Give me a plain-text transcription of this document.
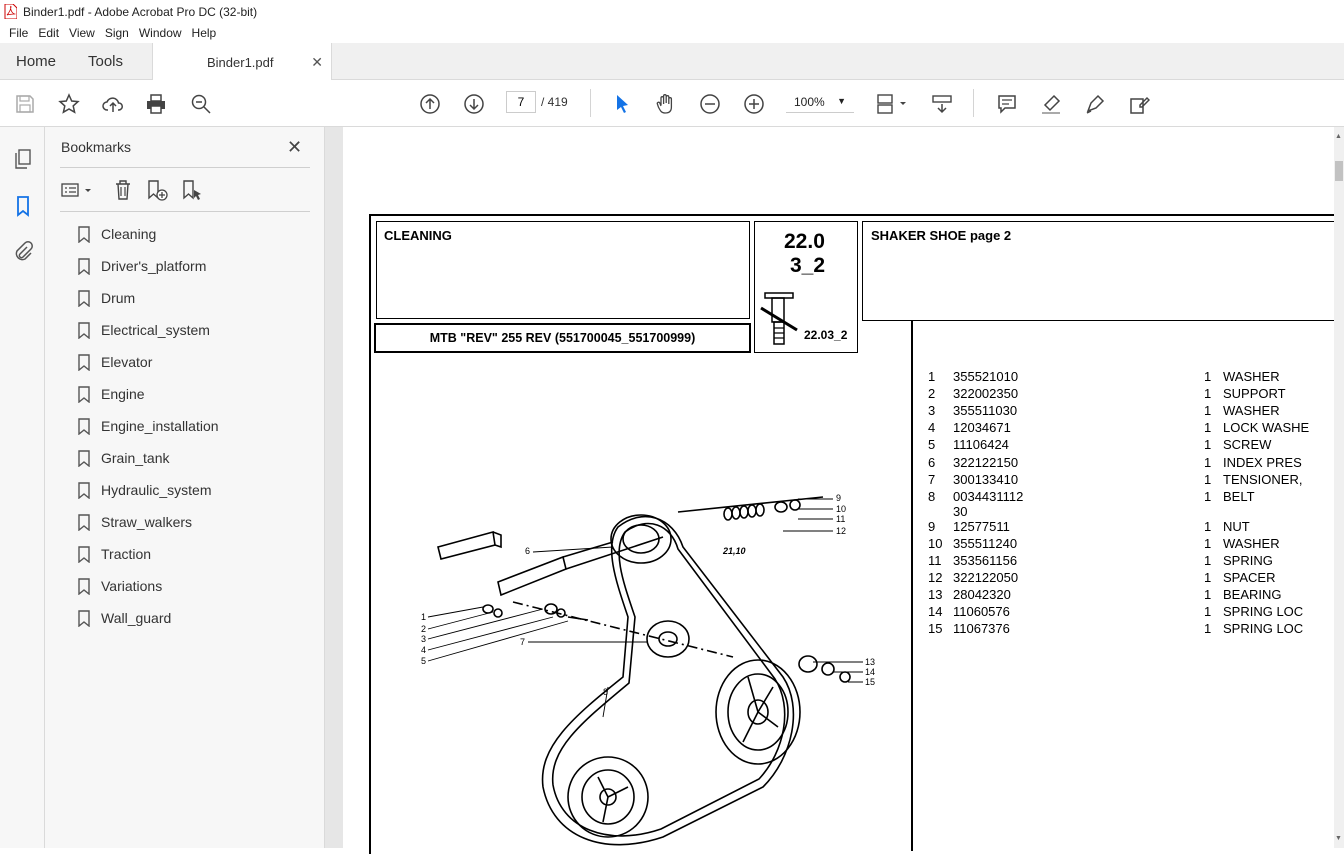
Binder1.pdf - Adobe Acrobat Pro DC (32-bit)
File Edit View Sign Window Help
Home Tools	Binder1.pdf	✕
7
/ 419	100% ▼
Bookmarks	✕
Cleaning
Driver's_platform
Drum
Electrical_system
Elevator
Engine
Engine_installation
Grain_tank
Hydraulic_system
Straw_walkers
Traction
Variations
Wall_guard
CLEANING
MTB "REV" 255 REV (551700045_551700999)
22.0
3_2
22.03_2
SHAKER SHOE page 2
1
2
3
4
5
6
7
8
9
10
11
12
13
14
15
21,10
1 355521010	1 WASHER
2 322002350	1 SUPPORT
3 355511030	1 WASHER
4 12034671	1 LOCK WASHE
5 11106424	1 SCREW
6 322122150	1 INDEX PRES
7 300133410	1 TENSIONER,
8 0034431112	1 BELT
30
9 12577511	1 NUT
10 355511240	1 WASHER
11 353561156	1 SPRING
12 322122050	1 SPACER
13 28042320	1 BEARING
14 11060576	1 SPRING LOC
15 11067376	1 SPRING LOC
▲
▼
